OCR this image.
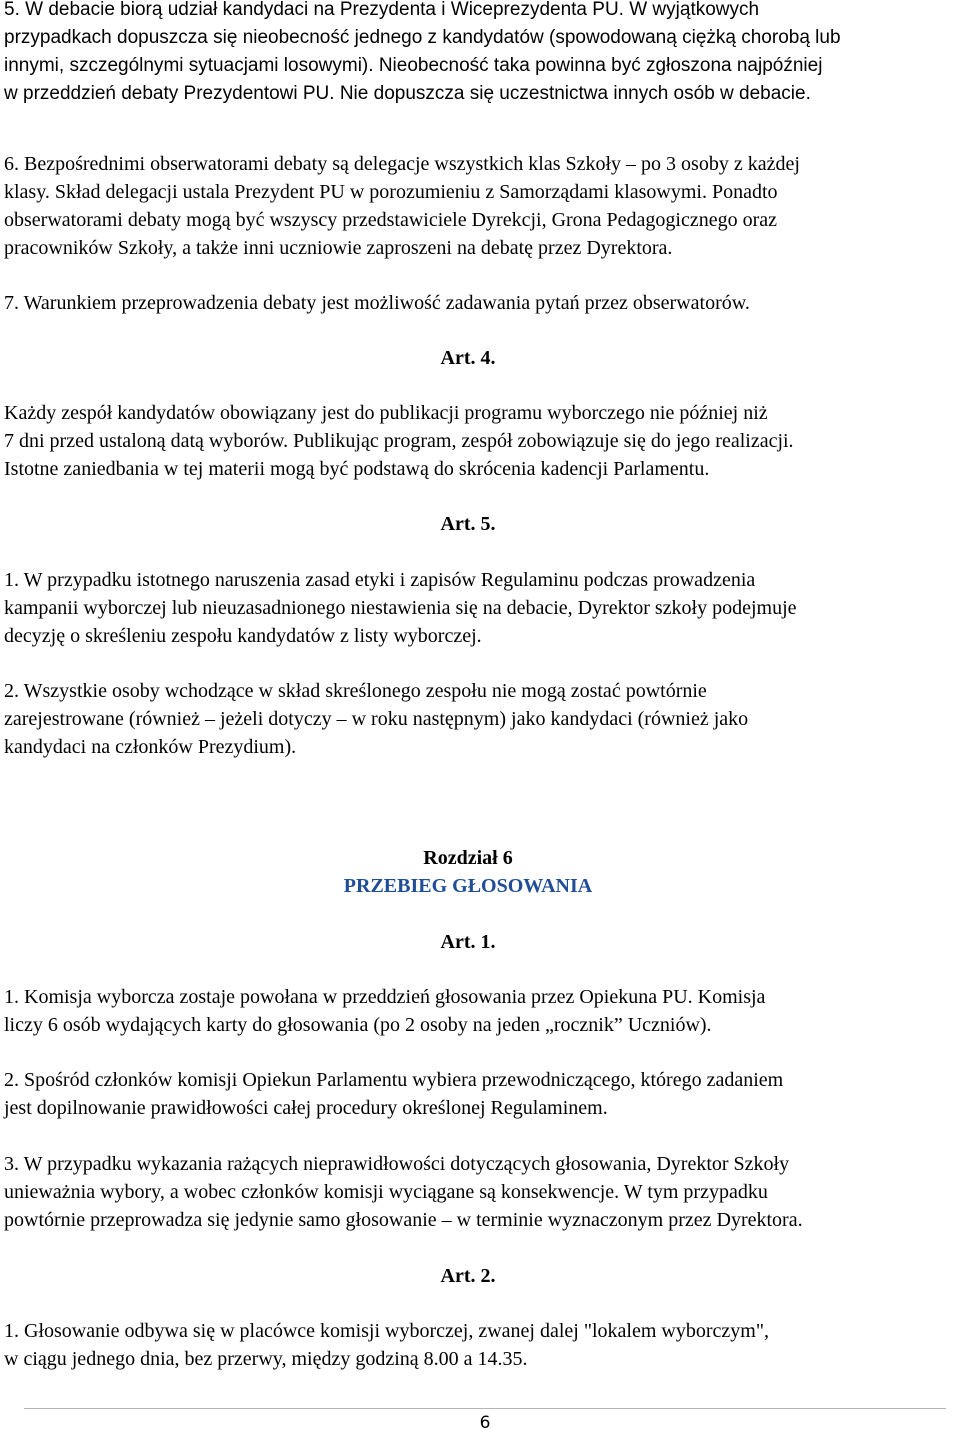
5. W debacie biorą udział kandydaci na Prezydenta i Wiceprezydenta PU. W wyjątkowych
przypadkach dopuszcza się nieobecność jednego z kandydatów (spowodowaną ciężką chorobą lub
innymi, szczególnymi sytuacjami losowymi). Nieobecność taka powinna być zgłoszona najpóźniej
w przeddzień debaty Prezydentowi PU. Nie dopuszcza się uczestnictwa innych osób w debacie.
6. Bezpośrednimi obserwatorami debaty są delegacje wszystkich klas Szkoły – po 3 osoby z każdej
klasy. Skład delegacji ustala Prezydent PU w porozumieniu z Samorządami klasowymi. Ponadto
obserwatorami debaty mogą być wszyscy przedstawiciele Dyrekcji, Grona Pedagogicznego oraz
pracowników Szkoły, a także inni uczniowie zaproszeni na debatę przez Dyrektora.
7. Warunkiem przeprowadzenia debaty jest możliwość zadawania pytań przez obserwatorów.

Art. 4.

Każdy zespół kandydatów obowiązany jest do publikacji programu wyborczego nie później niż
7 dni przed ustaloną datą wyborów. Publikując program, zespół zobowiązuje się do jego realizacji.
Istotne zaniedbania w tej materii mogą być podstawą do skrócenia kadencji Parlamentu.

Art. 5.

1. W przypadku istotnego naruszenia zasad etyki i zapisów Regulaminu podczas prowadzenia
kampanii wyborczej lub nieuzasadnionego niestawienia się na debacie, Dyrektor szkoły podejmuje
decyzję o skreśleniu zespołu kandydatów z listy wyborczej.
2. Wszystkie osoby wchodzące w skład skreślonego zespołu nie mogą zostać powtórnie
zarejestrowane (również – jeżeli dotyczy – w roku następnym) jako kandydaci (również jako
kandydaci na członków Prezydium).

Rozdział 6

PRZEBIEG GŁOSOWANIA

Art. 1.

1. Komisja wyborcza zostaje powołana w przeddzień głosowania przez Opiekuna PU. Komisja
liczy 6 osób wydających karty do głosowania (po 2 osoby na jeden „rocznik” Uczniów).
2. Spośród członków komisji Opiekun Parlamentu wybiera przewodniczącego, którego zadaniem
jest dopilnowanie prawidłowości całej procedury określonej Regulaminem.
3. W przypadku wykazania rażących nieprawidłowości dotyczących głosowania, Dyrektor Szkoły
unieważnia wybory, a wobec członków komisji wyciągane są konsekwencje. W tym przypadku
powtórnie przeprowadza się jedynie samo głosowanie – w terminie wyznaczonym przez Dyrektora.

Art. 2.

1. Głosowanie odbywa się w placówce komisji wyborczej, zwanej dalej "lokalem wyborczym",
w ciągu jednego dnia, bez przerwy, między godziną 8.00 a 14.35.
6
